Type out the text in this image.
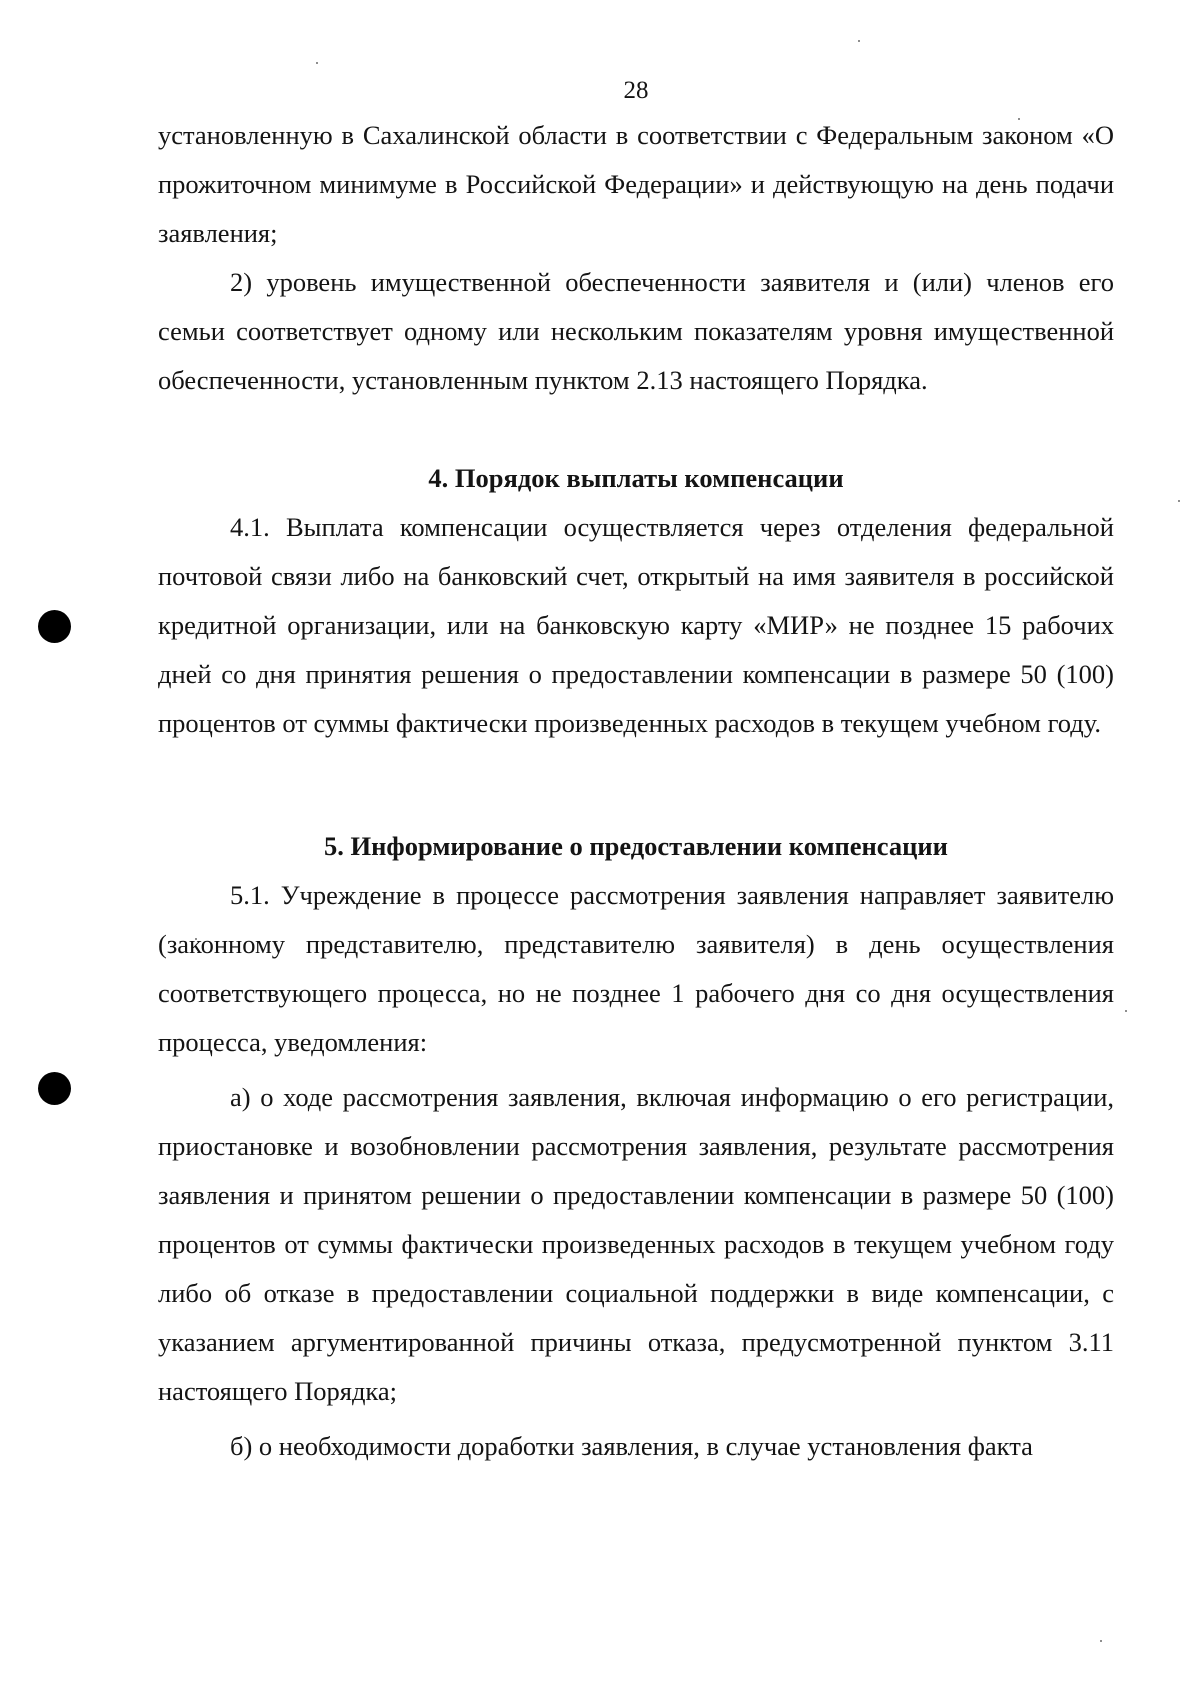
28

установленную в Сахалинской области в соответствии с Федеральным законом «О прожиточном минимуме в Российской Федерации» и действующую на день подачи заявления;

2) уровень имущественной обеспеченности заявителя и (или) членов его семьи соответствует одному или нескольким показателям уровня имущественной обеспеченности, установленным пунктом 2.13 настоящего Порядка.

4. Порядок выплаты компенсации

4.1. Выплата компенсации осуществляется через отделения федеральной почтовой связи либо на банковский счет, открытый на имя заявителя в российской кредитной организации, или на банковскую карту «МИР» не позднее 15 рабочих дней со дня принятия решения о предоставлении компенсации в размере 50 (100) процентов от суммы фактически произведенных расходов в текущем учебном году.

5. Информирование о предоставлении компенсации

5.1. Учреждение в процессе рассмотрения заявления направляет заявителю (законному представителю, представителю заявителя) в день осуществления соответствующего процесса, но не позднее 1 рабочего дня со дня осуществления процесса, уведомления:

а) о ходе рассмотрения заявления, включая информацию о его регистрации, приостановке и возобновлении рассмотрения заявления, результате рассмотрения заявления и принятом решении о предоставлении компенсации в размере 50 (100) процентов от суммы фактически произведенных расходов в текущем учебном году либо об отказе в предоставлении социальной поддержки в виде компенсации, с указанием аргументированной причины отказа, предусмотренной пунктом 3.11 настоящего Порядка;

б) о необходимости доработки заявления, в случае установления факта
